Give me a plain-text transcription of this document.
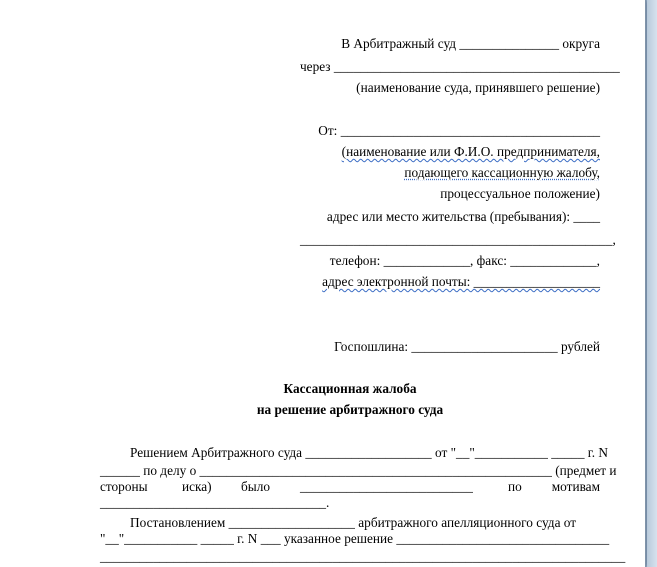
В Арбитражный суд _______________ округа
через ___________________________________________
(наименование суда, принявшего решение)
От: _______________________________________
(наименование или Ф.И.О. предпринимателя,
подающего кассационную жалобу,
процессуальное положение)
адрес или место жительства (пребывания): ____
_______________________________________________,
телефон: _____________, факс: _____________,
адрес электронной почты: ___________________
Госпошлина: ______________________ рублей
Кассационная жалоба
на решение арбитражного суда
Решением Арбитражного суда ___________________ от "__"___________ _____ г. N
______ по делу о _____________________________________________________ (предмет и
стороны	иска) было __________________________	по мотивам
__________________________________.
Постановлением ___________________ арбитражного апелляционного суда от
"__"___________ _____ г. N ___ указанное решение ________________________________
_______________________________________________________________________________
